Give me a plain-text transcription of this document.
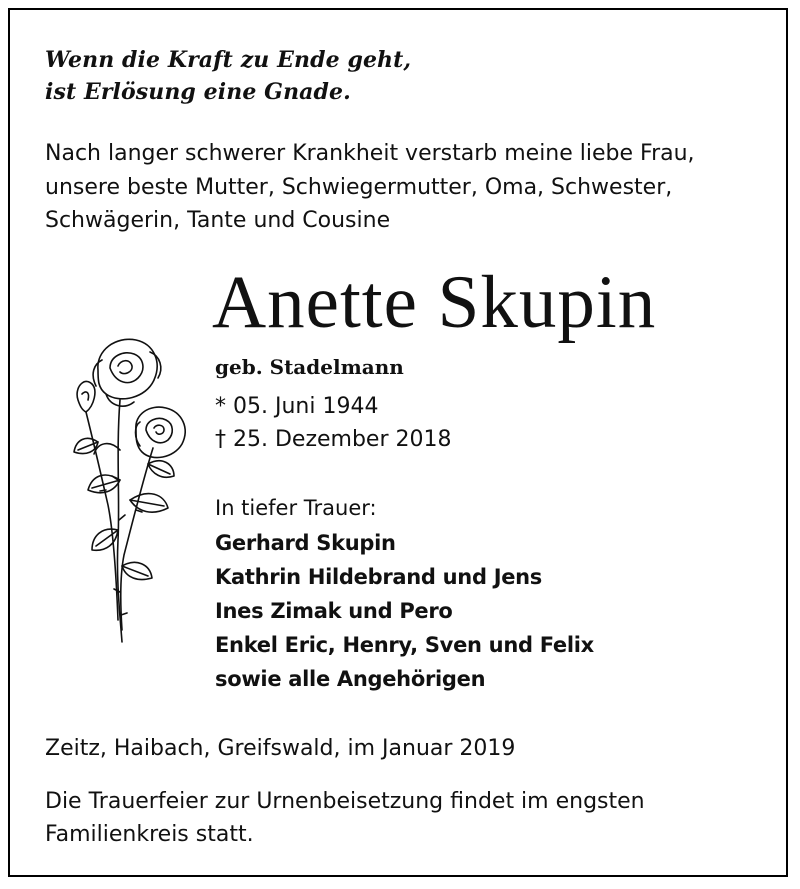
Wenn die Kraft zu Ende geht,
ist Erlösung eine Gnade.
Nach langer schwerer Krankheit verstarb meine liebe Frau,
unsere beste Mutter, Schwiegermutter, Oma, Schwester,
Schwägerin, Tante und Cousine
Anette Skupin
geb. Stadelmann
* 05. Juni 1944
† 25. Dezember 2018
In tiefer Trauer:
Gerhard Skupin
Kathrin Hildebrand und Jens
Ines Zimak und Pero
Enkel Eric, Henry, Sven und Felix
sowie alle Angehörigen
Zeitz, Haibach, Greifswald, im Januar 2019
Die Trauerfeier zur Urnenbeisetzung findet im engsten
Familienkreis statt.
